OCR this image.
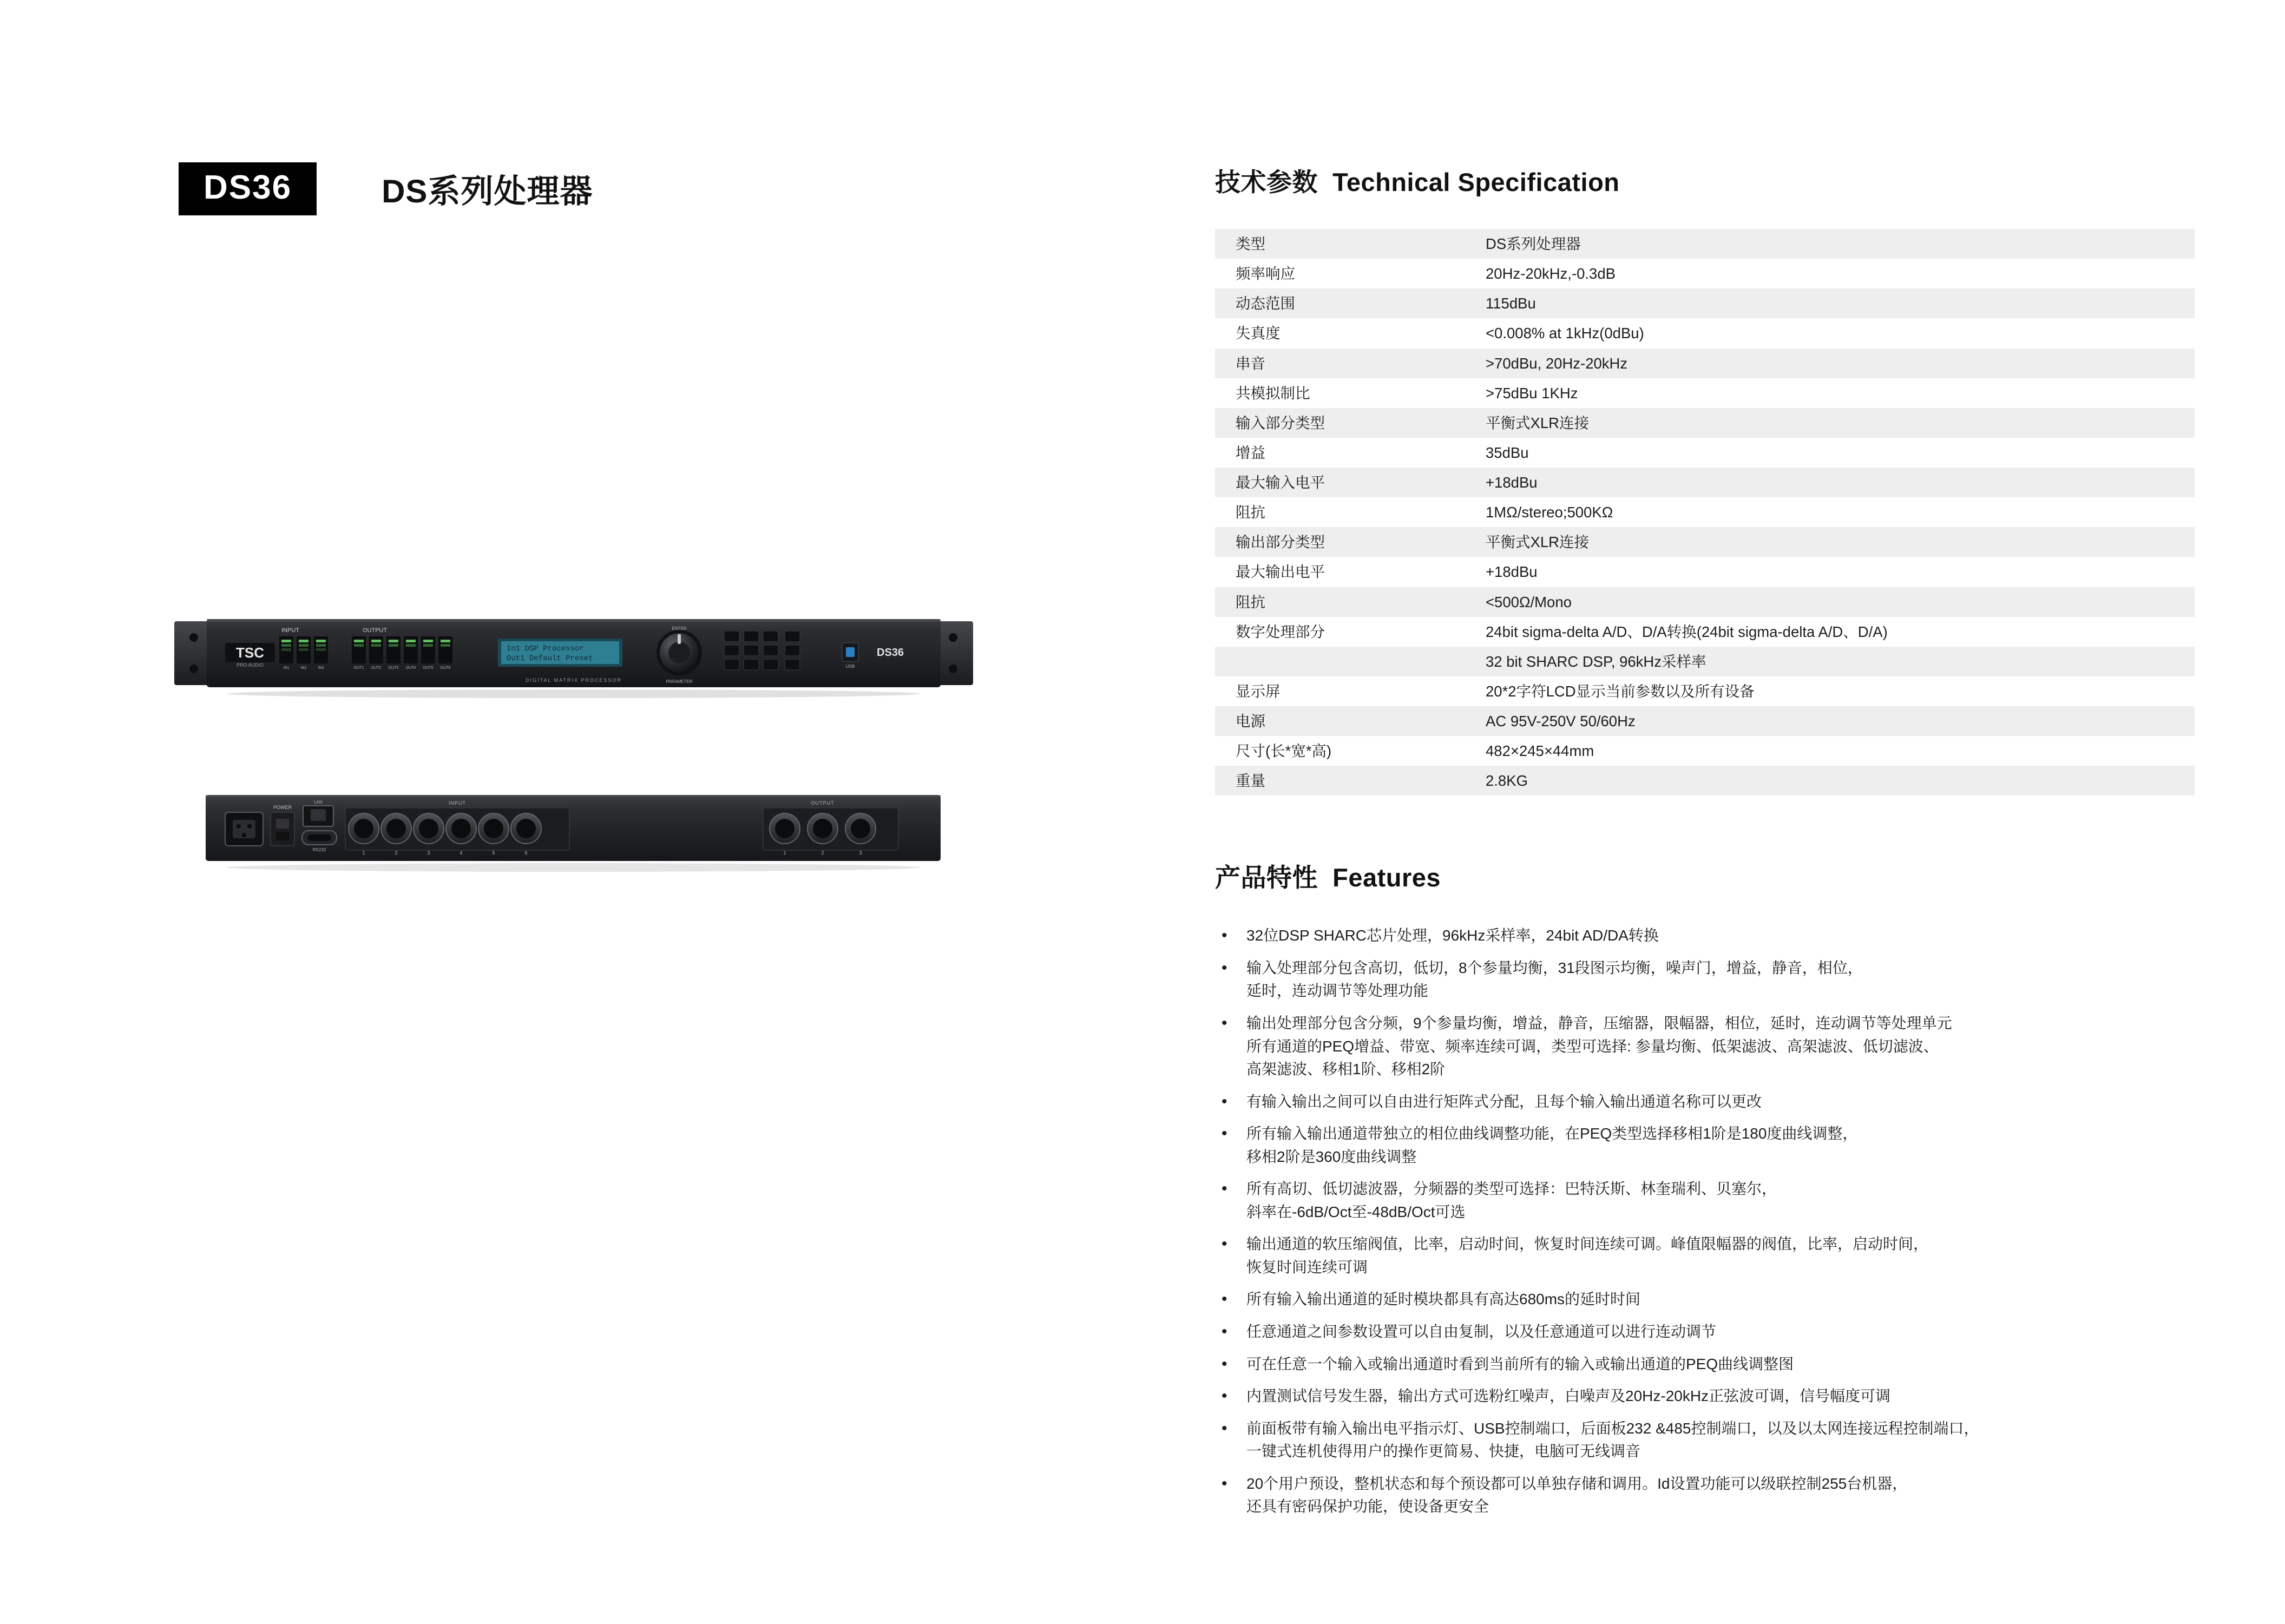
DS36	DS系列处理器
TSC
PRO AUDIO
INPUT
IN1	IN2	IN3
OUTPUT
OUT1 OUT2 OUT3 OUT4 OUT5 OUT6
In1 DSP Processor
Out1 Default Preset
ENTER
PARAMETER
USB
DS36
DIGITAL MATRIX PROCESSOR
POWER
RS232
LAN
1	2	3	4	5	6
INPUT
1	2	3
OUTPUT
技术参数 Technical Specification
类型	DS系列处理器
频率响应	20Hz-20kHz,-0.3dB
动态范围	115dBu
失真度	<0.008% at 1kHz(0dBu)
串音	>70dBu, 20Hz-20kHz
共模拟制比	>75dBu 1KHz
输入部分类型	平衡式XLR连接
增益	35dBu
最大输入电平	+18dBu
阻抗	1MΩ/stereo;500KΩ
输出部分类型	平衡式XLR连接
最大输出电平	+18dBu
阻抗	<500Ω/Mono
数字处理部分	24bit sigma-delta A/D、D/A转换(24bit sigma-delta A/D、D/A)
	32 bit SHARC DSP, 96kHz采样率
显示屏	20*2字符LCD显示当前参数以及所有设备
电源	AC 95V-250V 50/60Hz
尺寸(长*宽*高)	482×245×44mm
重量	2.8KG
产品特性 Features
• 32位DSP SHARC芯片处理，96kHz采样率，24bit AD/DA转换
• 输入处理部分包含高切，低切，8个参量均衡，31段图示均衡，噪声门，增益，静音，相位，
延时，连动调节等处理功能
• 输出处理部分包含分频，9个参量均衡，增益，静音，压缩器，限幅器，相位，延时，连动调节等处理单元
所有通道的PEQ增益、带宽、频率连续可调，类型可选择: 参量均衡、低架滤波、高架滤波、低切滤波、
高架滤波、移相1阶、移相2阶
• 有输入输出之间可以自由进行矩阵式分配，且每个输入输出通道名称可以更改
• 所有输入输出通道带独立的相位曲线调整功能，在PEQ类型选择移相1阶是180度曲线调整，
移相2阶是360度曲线调整
• 所有高切、低切滤波器，分频器的类型可选择：巴特沃斯、林奎瑞利、贝塞尔，
斜率在-6dB/Oct至-48dB/Oct可选
• 输出通道的软压缩阀值，比率，启动时间，恢复时间连续可调。峰值限幅器的阀值，比率，启动时间，
恢复时间连续可调
• 所有输入输出通道的延时模块都具有高达680ms的延时时间
• 任意通道之间参数设置可以自由复制，以及任意通道可以进行连动调节
• 可在任意一个输入或输出通道时看到当前所有的输入或输出通道的PEQ曲线调整图
• 内置测试信号发生器，输出方式可选粉红噪声，白噪声及20Hz-20kHz正弦波可调，信号幅度可调
• 前面板带有输入输出电平指示灯、USB控制端口，后面板232 &485控制端口，以及以太网连接远程控制端口，
一键式连机使得用户的操作更简易、快捷，电脑可无线调音
• 20个用户预设，整机状态和每个预设都可以单独存储和调用。Id设置功能可以级联控制255台机器，
还具有密码保护功能，使设备更安全
